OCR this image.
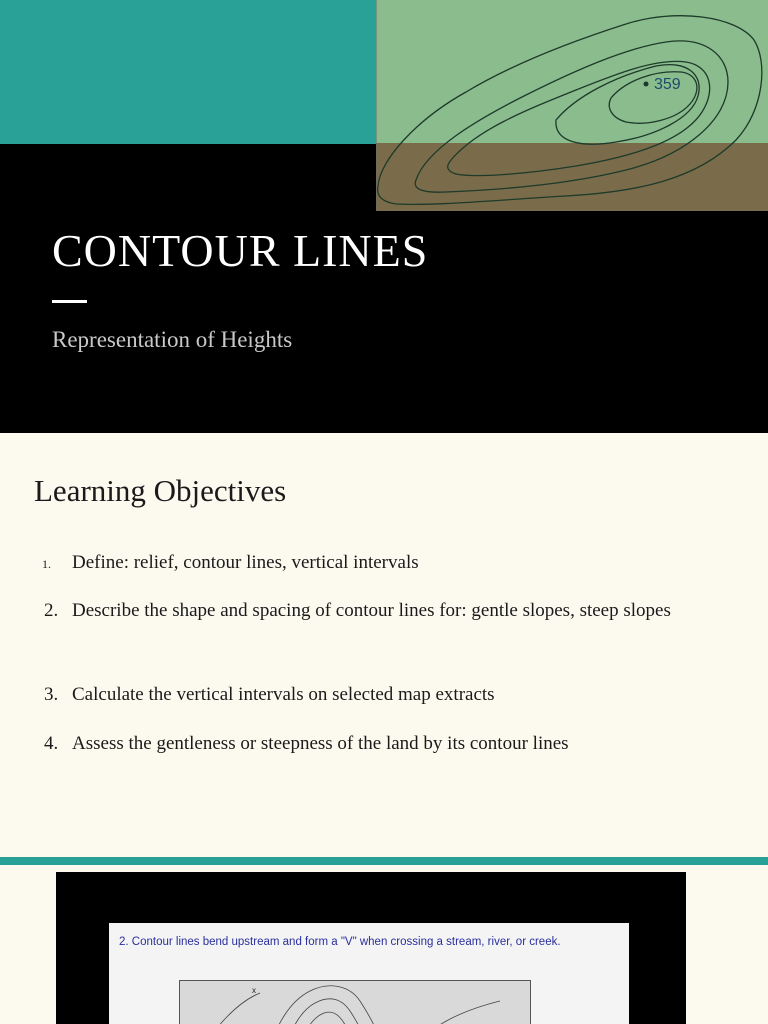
359
CONTOUR LINES
Representation of Heights
Learning Objectives
1. Define: relief, contour lines, vertical intervals
2. Describe the shape and spacing of contour lines for: gentle slopes, steep slopes
3. Calculate the vertical intervals on selected map extracts
4. Assess the gentleness or steepness of the land by its contour lines
2. Contour lines bend upstream and form a "V" when crossing a stream, river, or creek.
x
